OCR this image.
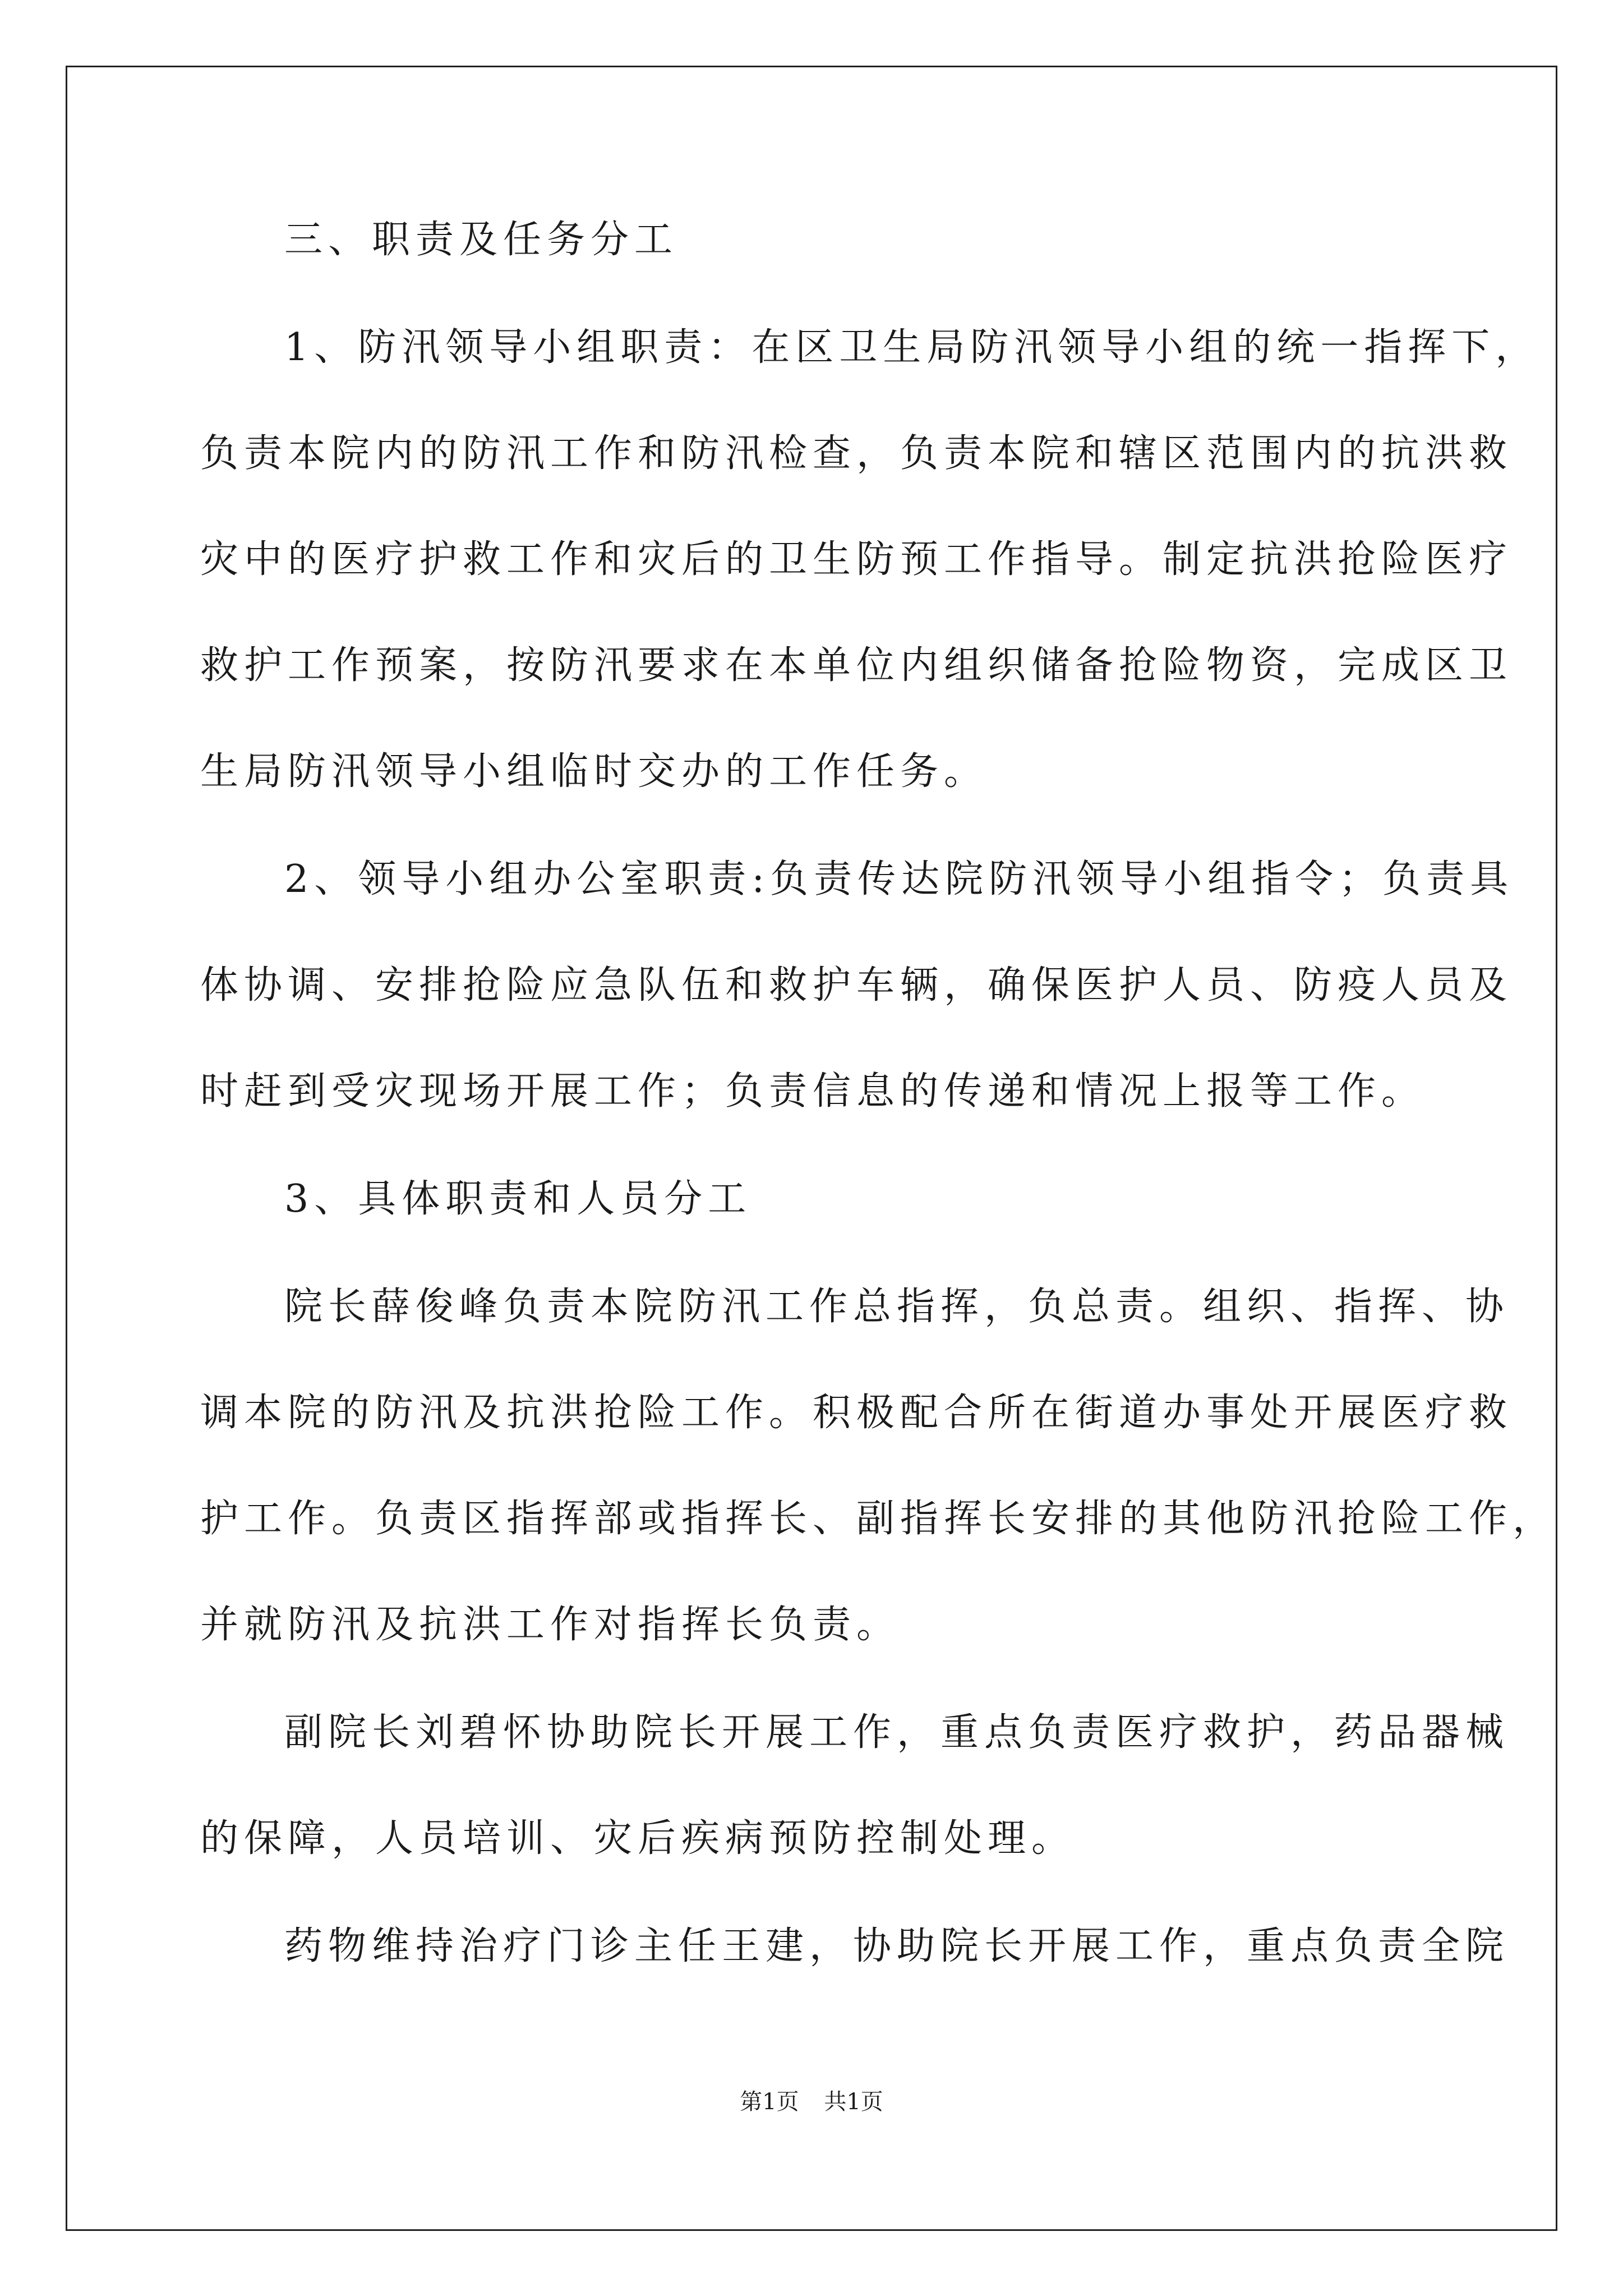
三、职责及任务分工
1、防汛领导小组职责：在区卫生局防汛领导小组的统一指挥下，
负责本院内的防汛工作和防汛检查，负责本院和辖区范围内的抗洪救
灾中的医疗护救工作和灾后的卫生防预工作指导。制定抗洪抢险医疗
救护工作预案，按防汛要求在本单位内组织储备抢险物资，完成区卫
生局防汛领导小组临时交办的工作任务。
2、领导小组办公室职责:负责传达院防汛领导小组指令；负责具
体协调、安排抢险应急队伍和救护车辆，确保医护人员、防疫人员及
时赶到受灾现场开展工作；负责信息的传递和情况上报等工作。
3、具体职责和人员分工
院长薛俊峰负责本院防汛工作总指挥，负总责。组织、指挥、协
调本院的防汛及抗洪抢险工作。积极配合所在街道办事处开展医疗救
护工作。负责区指挥部或指挥长、副指挥长安排的其他防汛抢险工作，
并就防汛及抗洪工作对指挥长负责。
副院长刘碧怀协助院长开展工作，重点负责医疗救护，药品器械
的保障，人员培训、灾后疾病预防控制处理。
药物维持治疗门诊主任王建，协助院长开展工作，重点负责全院
第1页 共1页
